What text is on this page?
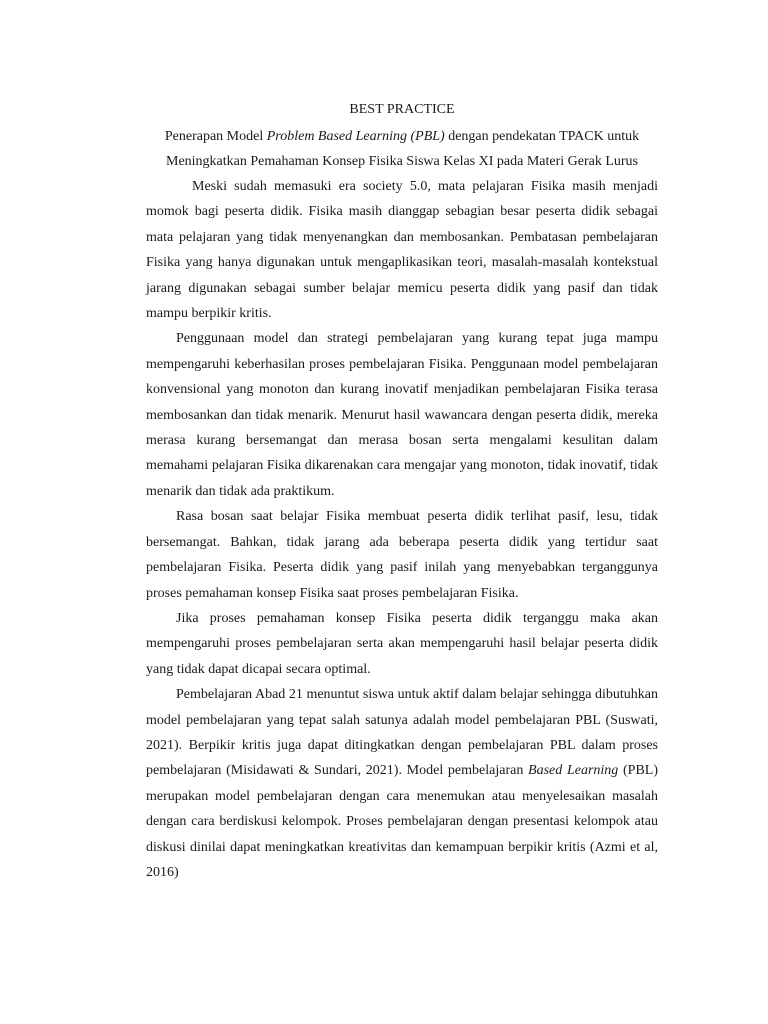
BEST PRACTICE

Penerapan Model Problem Based Learning (PBL) dengan pendekatan TPACK untuk Meningkatkan Pemahaman Konsep Fisika Siswa Kelas XI pada Materi Gerak Lurus

Meski sudah memasuki era society 5.0, mata pelajaran Fisika masih menjadi momok bagi peserta didik. Fisika masih dianggap sebagian besar peserta didik sebagai mata pelajaran yang tidak menyenangkan dan membosankan. Pembatasan pembelajaran Fisika yang hanya digunakan untuk mengaplikasikan teori, masalah-masalah kontekstual jarang digunakan sebagai sumber belajar memicu peserta didik yang pasif dan tidak mampu berpikir kritis.

Penggunaan model dan strategi pembelajaran yang kurang tepat juga mampu mempengaruhi keberhasilan proses pembelajaran Fisika. Penggunaan model pembelajaran konvensional yang monoton dan kurang inovatif menjadikan pembelajaran Fisika terasa membosankan dan tidak menarik. Menurut hasil wawancara dengan peserta didik, mereka merasa kurang bersemangat dan merasa bosan serta mengalami kesulitan dalam memahami pelajaran Fisika dikarenakan cara mengajar yang monoton, tidak inovatif, tidak menarik dan tidak ada praktikum.

Rasa bosan saat belajar Fisika membuat peserta didik terlihat pasif, lesu, tidak bersemangat. Bahkan, tidak jarang ada beberapa peserta didik yang tertidur saat pembelajaran Fisika. Peserta didik yang pasif inilah yang menyebabkan terganggunya proses pemahaman konsep Fisika saat proses pembelajaran Fisika.

Jika proses pemahaman konsep Fisika peserta didik terganggu maka akan mempengaruhi proses pembelajaran serta akan mempengaruhi hasil belajar peserta didik yang tidak dapat dicapai secara optimal.

Pembelajaran Abad 21 menuntut siswa untuk aktif dalam belajar sehingga dibutuhkan model pembelajaran yang tepat salah satunya adalah model pembelajaran PBL (Suswati, 2021). Berpikir kritis juga dapat ditingkatkan dengan pembelajaran PBL dalam proses pembelajaran (Misidawati & Sundari, 2021). Model pembelajaran Based Learning (PBL) merupakan model pembelajaran dengan cara menemukan atau menyelesaikan masalah dengan cara berdiskusi kelompok. Proses pembelajaran dengan presentasi kelompok atau diskusi dinilai dapat meningkatkan kreativitas dan kemampuan berpikir kritis (Azmi et al, 2016)
